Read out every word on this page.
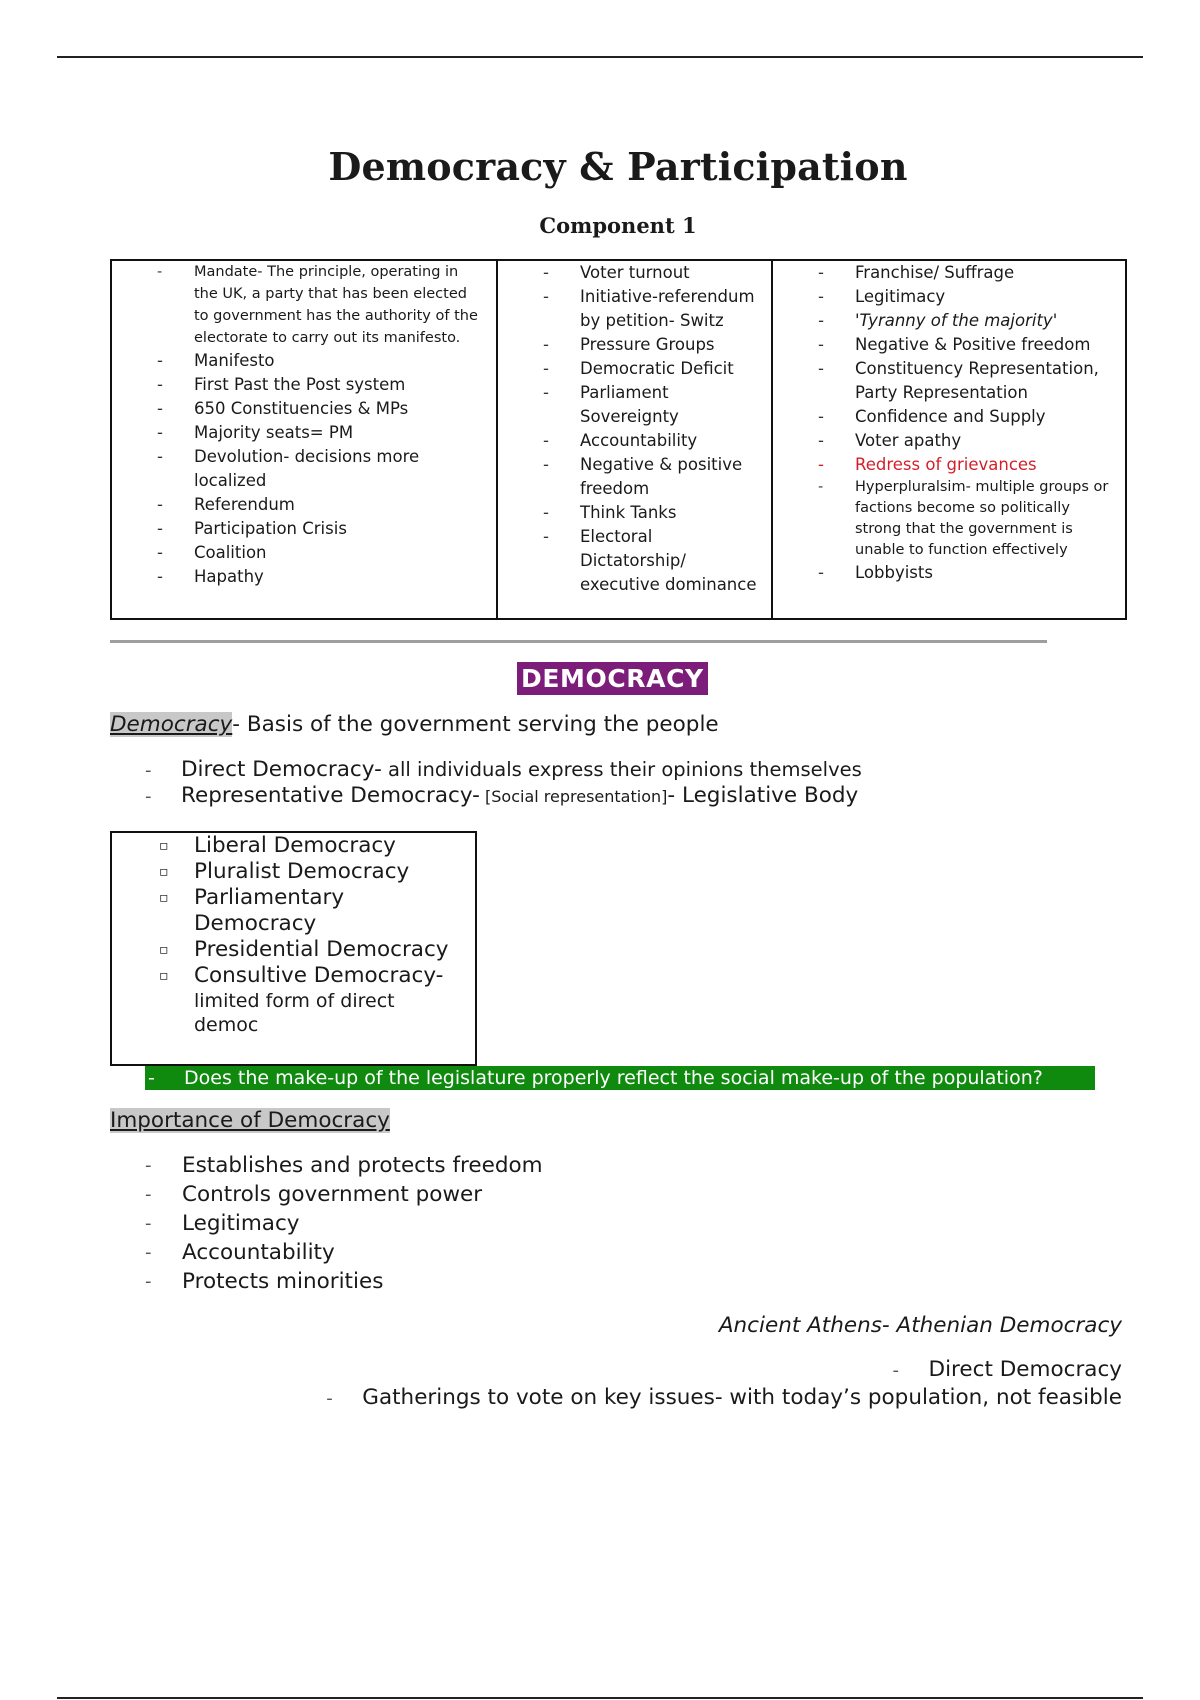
Democracy & Participation
Component 1
- Mandate- The principle, operating in the UK, a party that has been elected to government has the authority of the electorate to carry out its manifesto.
- Manifesto
- First Past the Post system
- 650 Constituencies & MPs
- Majority seats= PM
- Devolution- decisions more localized
- Referendum
- Participation Crisis
- Coalition
- Hapathy
- Voter turnout
- Initiative-referendum by petition- Switz
- Pressure Groups
- Democratic Deficit
- Parliament Sovereignty
- Accountability
- Negative & positive freedom
- Think Tanks
- Electoral Dictatorship/ executive dominance
- Franchise/ Suffrage
- Legitimacy
- 'Tyranny of the majority'
- Negative & Positive freedom
- Constituency Representation, Party Representation
- Confidence and Supply
- Voter apathy
- Redress of grievances
- Hyperpluralsim- multiple groups or factions become so politically strong that the government is unable to function effectively
- Lobbyists
DEMOCRACY
Democracy- Basis of the government serving the people
- Direct Democracy- all individuals express their opinions themselves
- Representative Democracy- [Social representation]- Legislative Body
▫ Liberal Democracy
▫ Pluralist Democracy
▫ Parliamentary Democracy
▫ Presidential Democracy
▫ Consultive Democracy-
limited form of direct democ
- Does the make-up of the legislature properly reflect the social make-up of the population?
Importance of Democracy
- Establishes and protects freedom
- Controls government power
- Legitimacy
- Accountability
- Protects minorities
Ancient Athens- Athenian Democracy
- Direct Democracy
- Gatherings to vote on key issues- with today’s population, not feasible
